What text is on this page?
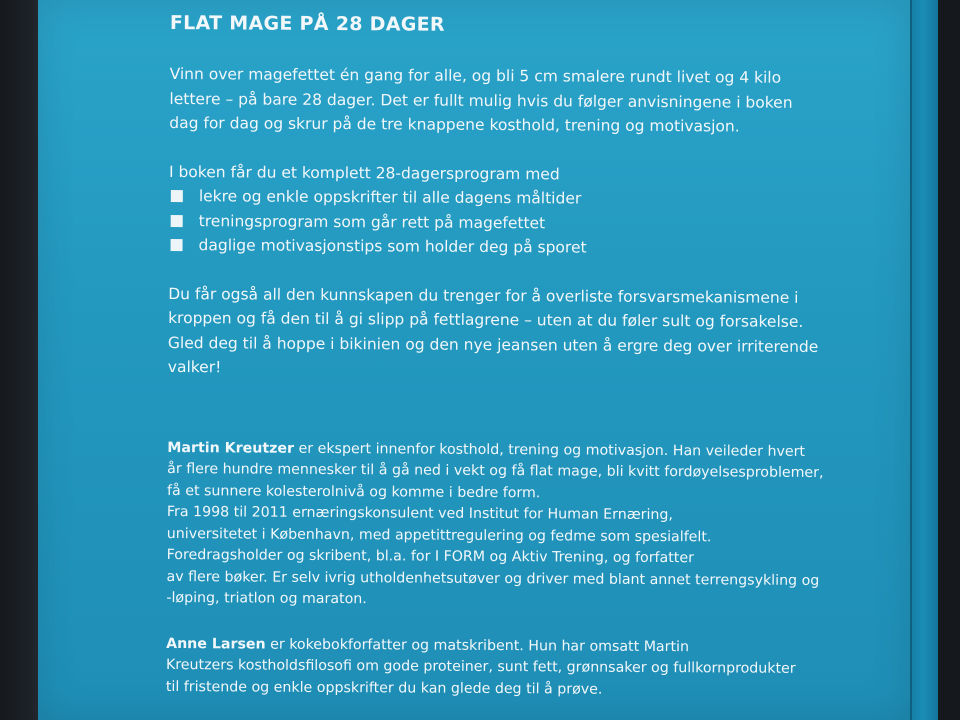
FLAT MAGE PÅ 28 DAGER

Vinn over magefettet én gang for alle, og bli 5 cm smalere rundt livet og 4 kilo
lettere – på bare 28 dager. Det er fullt mulig hvis du følger anvisningene i boken
dag for dag og skrur på de tre knappene kosthold, trening og motivasjon.

I boken får du et komplett 28-dagersprogram med

lekre og enkle oppskrifter til alle dagens måltider
treningsprogram som går rett på magefettet
daglige motivasjonstips som holder deg på sporet

Du får også all den kunnskapen du trenger for å overliste forsvarsmekanismene i
kroppen og få den til å gi slipp på fettlagrene – uten at du føler sult og forsakelse.
Gled deg til å hoppe i bikinien og den nye jeansen uten å ergre deg over irriterende
valker!

Martin Kreutzer er ekspert innenfor kosthold, trening og motivasjon. Han veileder hvert
år flere hundre mennesker til å gå ned i vekt og få flat mage, bli kvitt fordøyelsesproblemer,
få et sunnere kolesterolnivå og komme i bedre form.
Fra 1998 til 2011 ernæringskonsulent ved Institut for Human Ernæring,
universitetet i København, med appetittregulering og fedme som spesialfelt.
Foredragsholder og skribent, bl.a. for I FORM og Aktiv Trening, og forfatter
av flere bøker. Er selv ivrig utholdenhetsutøver og driver med blant annet terrengsykling og
-løping, triatlon og maraton.

Anne Larsen er kokebokforfatter og matskribent. Hun har omsatt Martin
Kreutzers kostholdsfilosofi om gode proteiner, sunt fett, grønnsaker og fullkornprodukter
til fristende og enkle oppskrifter du kan glede deg til å prøve.
